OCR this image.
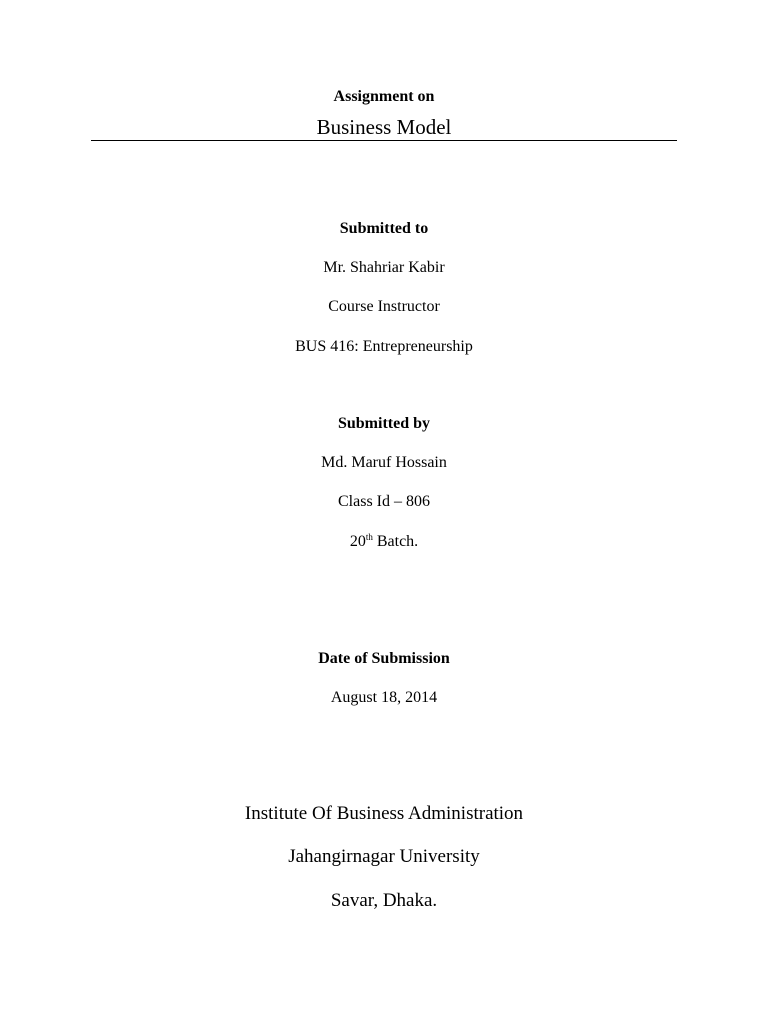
Assignment on
Business Model
Submitted to
Mr. Shahriar Kabir
Course Instructor
BUS 416: Entrepreneurship
Submitted by
Md. Maruf Hossain
Class Id – 806
20th Batch.
Date of Submission
August 18, 2014
Institute Of Business Administration
Jahangirnagar University
Savar, Dhaka.
